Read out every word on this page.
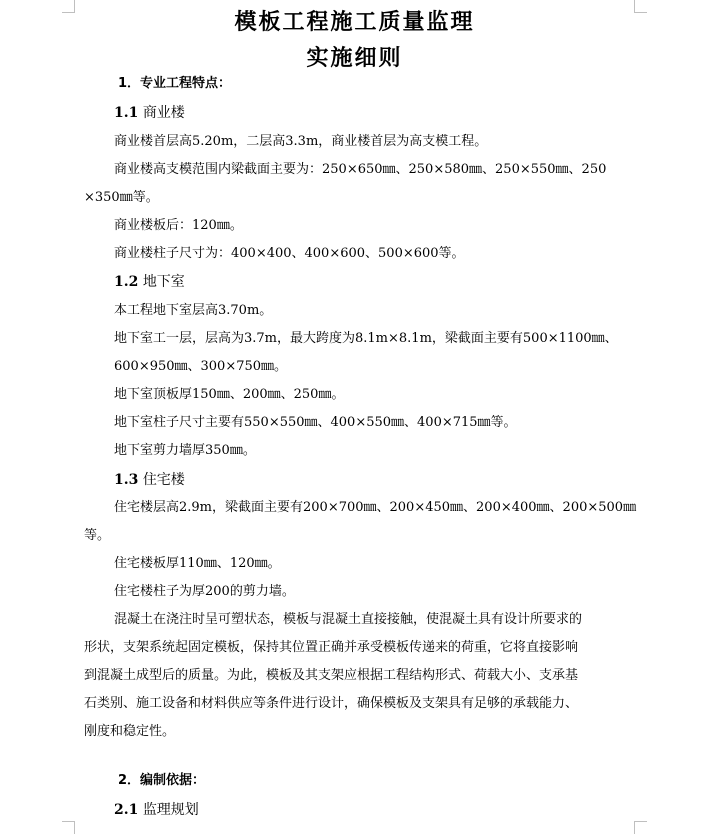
模板工程施工质量监理
实施细则
1．专业工程特点：
1.1 商业楼
商业楼首层高5.20m，二层高3.3m，商业楼首层为高支模工程。
商业楼高支模范围内梁截面主要为：250×650㎜、250×580㎜、250×550㎜、250
×350㎜等。
商业楼板后：120㎜。
商业楼柱子尺寸为：400×400、400×600、500×600等。
1.2 地下室
本工程地下室层高3.70m。
地下室工一层，层高为3.7m，最大跨度为8.1m×8.1m，梁截面主要有500×1100㎜、
600×950㎜、300×750㎜。
地下室顶板厚150㎜、200㎜、250㎜。
地下室柱子尺寸主要有550×550㎜、400×550㎜、400×715㎜等。
地下室剪力墙厚350㎜。
1.3 住宅楼
住宅楼层高2.9m，梁截面主要有200×700㎜、200×450㎜、200×400㎜、200×500㎜
等。
住宅楼板厚110㎜、120㎜。
住宅楼柱子为厚200的剪力墙。
混凝土在浇注时呈可塑状态，模板与混凝土直接接触，使混凝土具有设计所要求的
形状，支架系统起固定模板，保持其位置正确并承受模板传递来的荷重，它将直接影响
到混凝土成型后的质量。为此，模板及其支架应根据工程结构形式、荷载大小、支承基
石类别、施工设备和材料供应等条件进行设计，确保模板及支架具有足够的承载能力、
刚度和稳定性。
2．编制依据：
2.1 监理规划
